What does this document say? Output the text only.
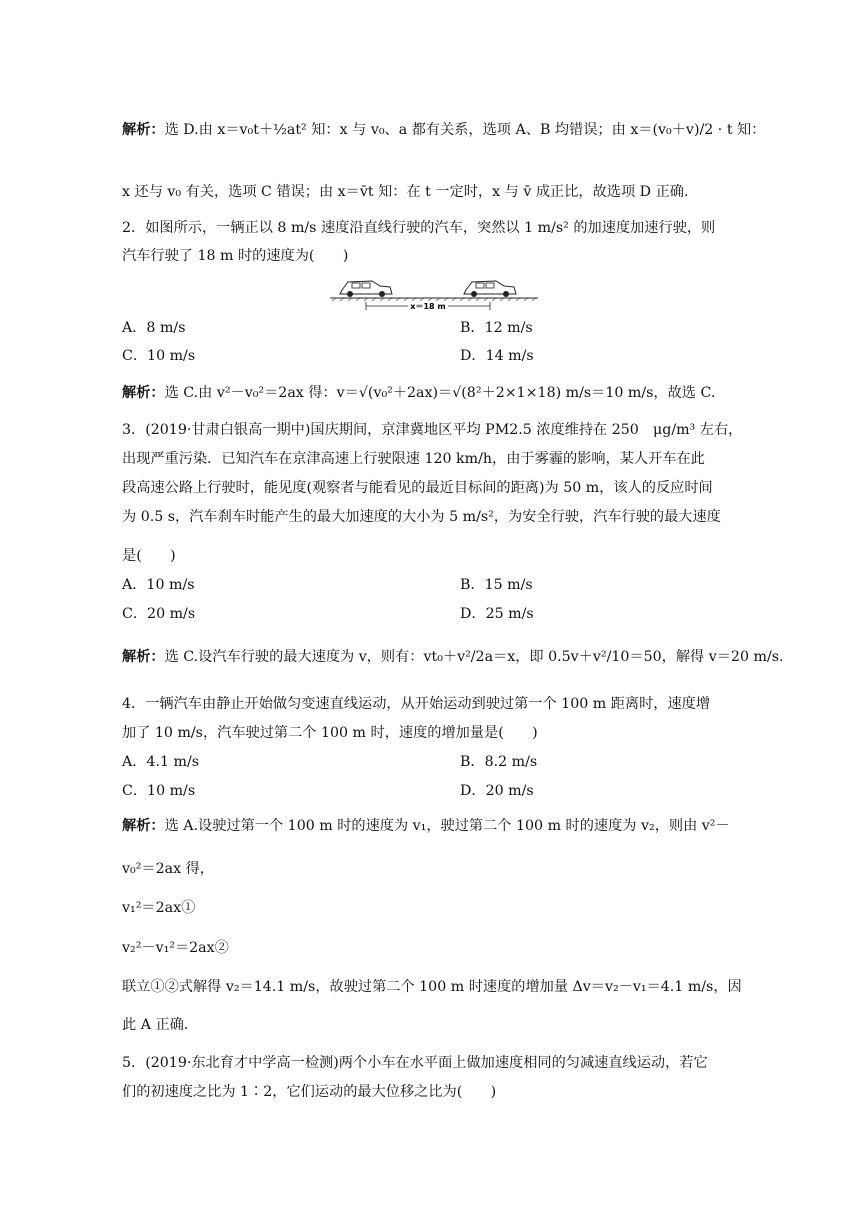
解析：选 D.由 x＝v₀t＋½at² 知：x 与 v₀、a 都有关系，选项 A、B 均错误；由 x＝(v₀＋v)/2 · t 知：
x 还与 v₀ 有关，选项 C 错误；由 x＝v̄t 知：在 t 一定时，x 与 v̄ 成正比，故选项 D 正确.
2．如图所示，一辆正以 8 m/s 速度沿直线行驶的汽车，突然以 1 m/s² 的加速度加速行驶，则
汽车行驶了 18 m 时的速度为(　　)
x＝18 m
A．8 m/s	B．12 m/s
C．10 m/s	D．14 m/s
解析：选 C.由 v²－v₀²＝2ax 得：v＝√(v₀²＋2ax)＝√(8²＋2×1×18) m/s＝10 m/s，故选 C.
3．(2019·甘肃白银高一期中)国庆期间，京津冀地区平均 PM2.5 浓度维持在 250　μg/m³ 左右，
出现严重污染．已知汽车在京津高速上行驶限速 120 km/h，由于雾霾的影响，某人开车在此
段高速公路上行驶时，能见度(观察者与能看见的最近目标间的距离)为 50 m，该人的反应时间
为 0.5 s，汽车刹车时能产生的最大加速度的大小为 5 m/s²，为安全行驶，汽车行驶的最大速度
是(　　)
A．10 m/s	B．15 m/s
C．20 m/s	D．25 m/s
解析：选 C.设汽车行驶的最大速度为 v，则有：vt₀＋v²/2a＝x，即 0.5v＋v²/10＝50，解得 v＝20 m/s.
4．一辆汽车由静止开始做匀变速直线运动，从开始运动到驶过第一个 100 m 距离时，速度增
加了 10 m/s，汽车驶过第二个 100 m 时，速度的增加量是(　　)
A．4.1 m/s	B．8.2 m/s
C．10 m/s	D．20 m/s
解析：选 A.设驶过第一个 100 m 时的速度为 v₁，驶过第二个 100 m 时的速度为 v₂，则由 v²－
v₀²＝2ax 得，
v₁²＝2ax①
v₂²－v₁²＝2ax②
联立①②式解得 v₂＝14.1 m/s，故驶过第二个 100 m 时速度的增加量 Δv＝v₂－v₁＝4.1 m/s，因
此 A 正确.
5．(2019·东北育才中学高一检测)两个小车在水平面上做加速度相同的匀减速直线运动，若它
们的初速度之比为 1∶2，它们运动的最大位移之比为(　　)
